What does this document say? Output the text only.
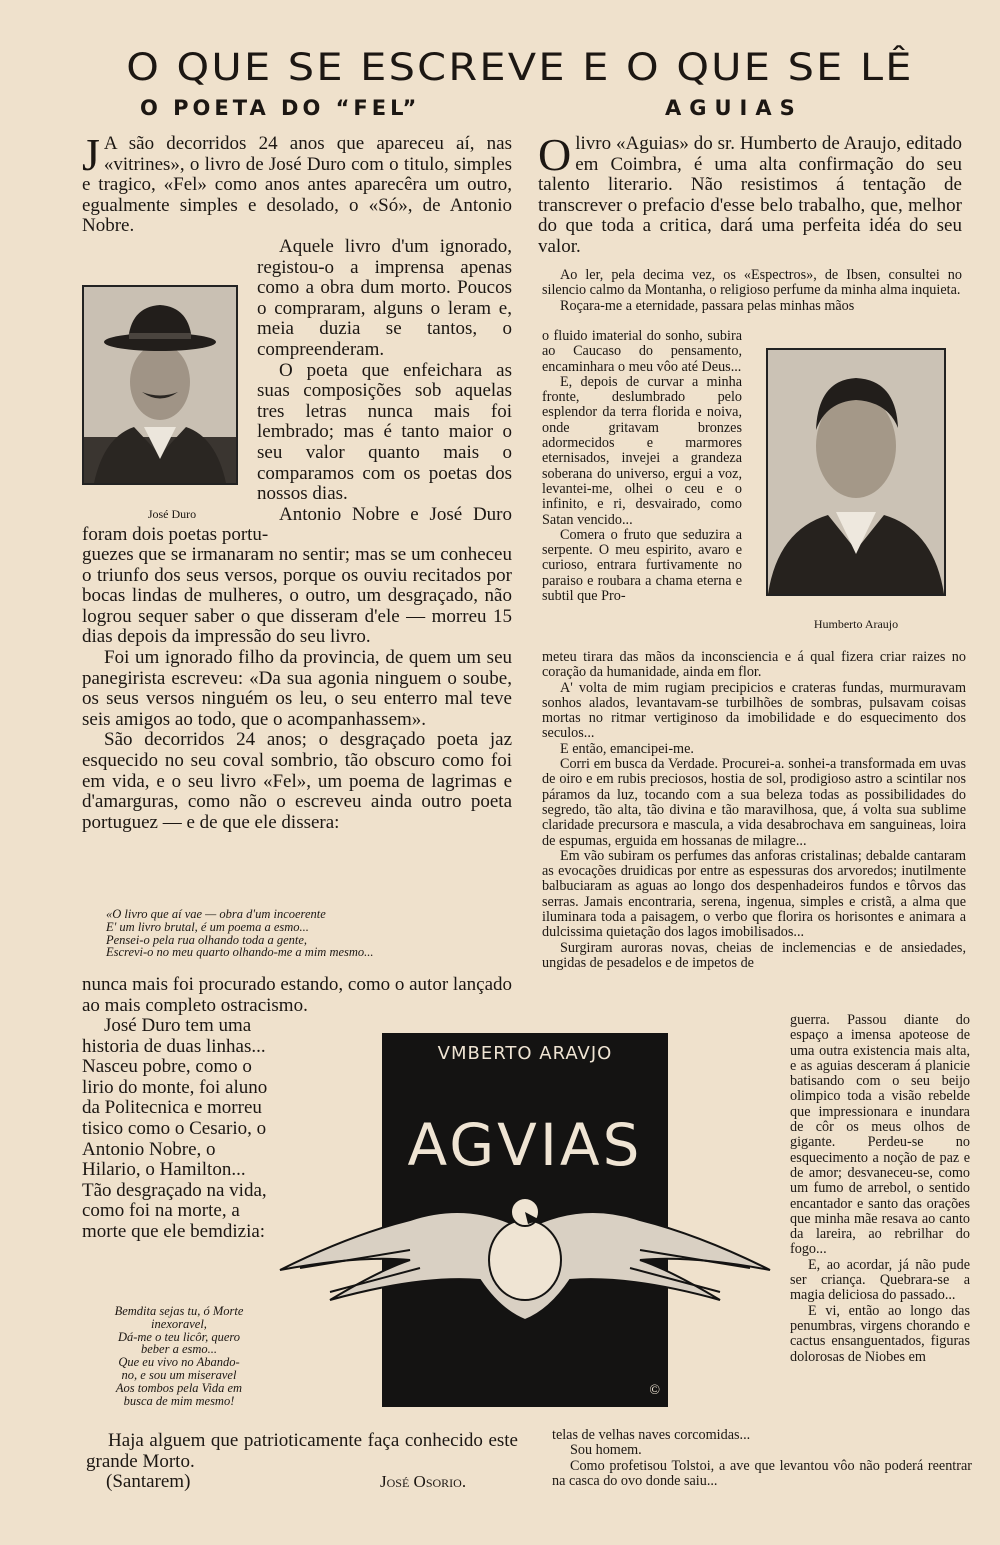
O QUE SE ESCREVE E O QUE SE LÊ
O POETA DO “FEL”	AGUIAS
J A são decorridos 24 anos que apareceu aí, nas «vitrines», o livro de José Duro com o titulo, simples e tragico, «Fel» como anos antes aparecêra um outro, egualmente simples e desolado, o «Só», de Antonio Nobre.

Aquele livro d'um ignorado, registou-o a imprensa apenas como a obra dum morto. Poucos o compraram, alguns o leram e, meia duzia se tantos, o compreenderam.

O poeta que enfeichara as suas composições sob aquelas tres letras nunca mais foi lembrado; mas é tanto maior o seu valor quanto mais o comparamos com os poetas dos nossos dias.

Antonio Nobre e José Duro foram dois poetas portu-

José Duro

guezes que se irmanaram no sentir; mas se um conheceu o triunfo dos seus versos, porque os ouviu recitados por bocas lindas de mulheres, o outro, um desgraçado, não logrou sequer saber o que disseram d'ele — morreu 15 dias depois da impressão do seu livro.

Foi um ignorado filho da provincia, de quem um seu panegirista escreveu: «Da sua agonia ninguem o soube, os seus versos ninguém os leu, o seu enterro mal teve seis amigos ao todo, que o acompanhassem».

São decorridos 24 anos; o desgraçado poeta jaz esquecido no seu coval sombrio, tão obscuro como foi em vida, e o seu livro «Fel», um poema de lagrimas e d'amarguras, como não o escreveu ainda outro poeta portuguez — e de que ele dissera:

«O livro que aí vae — obra d'um incoerente
E' um livro brutal, é um poema a esmo...
Pensei-o pela rua olhando toda a gente,
Escrevi-o no meu quarto olhando-me a mim mesmo...
nunca mais foi procurado estando, como o autor lançado ao mais completo ostracismo.

José Duro tem uma historia de duas linhas... Nasceu pobre, como o lirio do monte, foi aluno da Politecnica e morreu tisico como o Cesario, o Antonio Nobre, o Hilario, o Hamilton... Tão desgraçado na vida, como foi na morte, a morte que ele bemdizia:

Bemdita sejas tu, ó Morte
inexoravel,
Dá-me o teu licôr, quero
beber a esmo...
Que eu vivo no Abando-
no, e sou um miseravel
Aos tombos pela Vida em
busca de mim mesmo!

Haja alguem que patrioticamente faça conhecido este grande Morto.

(Santarem)	José Osorio.
VMBERTO ARAVJO
AGVIAS
©
O livro «Aguias» do sr. Humberto de Araujo, editado em Coimbra, é uma alta confirmação do seu talento literario. Não resistimos á tentação de transcrever o prefacio d'esse belo trabalho, que, melhor do que toda a critica, dará uma perfeita idéa do seu valor.

Ao ler, pela decima vez, os «Espectros», de Ibsen, consultei no silencio calmo da Montanha, o religioso perfume da minha alma inquieta.

Roçara-me a eternidade, passara pelas minhas mãos

Humberto Araujo

o fluido imaterial do sonho, subira ao Caucaso do pensamento, encaminhara o meu vôo até Deus...

E, depois de curvar a minha fronte, deslumbrado pelo esplendor da terra florida e noiva, onde gritavam bronzes adormecidos e marmores eternisados, invejei a grandeza soberana do universo, ergui a voz, levantei-me, olhei o ceu e o infinito, e ri, desvairado, como Satan vencido...

Comera o fruto que seduzira a serpente. O meu espirito, avaro e curioso, entrara furtivamente no paraiso e roubara a chama eterna e subtil que Pro-

meteu tirara das mãos da inconsciencia e á qual fizera criar raizes no coração da humanidade, ainda em flor.

A' volta de mim rugiam precipicios e crateras fundas, murmuravam sonhos alados, levantavam-se turbilhões de sombras, pulsavam coisas mortas no ritmar vertiginoso da imobilidade e do esquecimento dos seculos...

E então, emancipei-me.

Corri em busca da Verdade. Procurei-a. sonhei-a transformada em uvas de oiro e em rubis preciosos, hostia de sol, prodigioso astro a scintilar nos páramos da luz, tocando com a sua beleza todas as possibilidades do segredo, tão alta, tão divina e tão maravilhosa, que, á volta sua sublime claridade precursora e mascula, a vida desabrochava em sanguineas, loira de espumas, erguida em hossanas de milagre...

Em vão subiram os perfumes das anforas cristalinas; debalde cantaram as evocações druidicas por entre as espessuras dos arvoredos; inutilmente balbuciaram as aguas ao longo dos despenhadeiros fundos e tôrvos das serras. Jamais encontraria, serena, ingenua, simples e cristã, a alma que iluminara toda a paisagem, o verbo que florira os horisontes e animara a dulcissima quietação dos lagos imobilisados...

Surgiram auroras novas, cheias de inclemencias e de ansiedades, ungidas de pesadelos e de impetos de

guerra. Passou diante do espaço a imensa apoteose de uma outra existencia mais alta, e as aguias desceram á planicie batisando com o seu beijo olimpico toda a visão rebelde que impressionara e inundara de côr os meus olhos de gigante. Perdeu-se no esquecimento a noção de paz e de amor; desvaneceu-se, como um fumo de arrebol, o sentido encantador e santo das orações que minha mãe resava ao canto da lareira, ao rebrilhar do fogo...

E, ao acordar, já não pude ser criança. Quebrara-se a magia deliciosa do passado...

E vi, então ao longo das penumbras, virgens chorando e cactus ensanguentados, figuras dolorosas de Niobes em

telas de velhas naves corcomidas...

Sou homem.

Como profetisou Tolstoi, a ave que levantou vôo não poderá reentrar na casca do ovo donde saiu...
